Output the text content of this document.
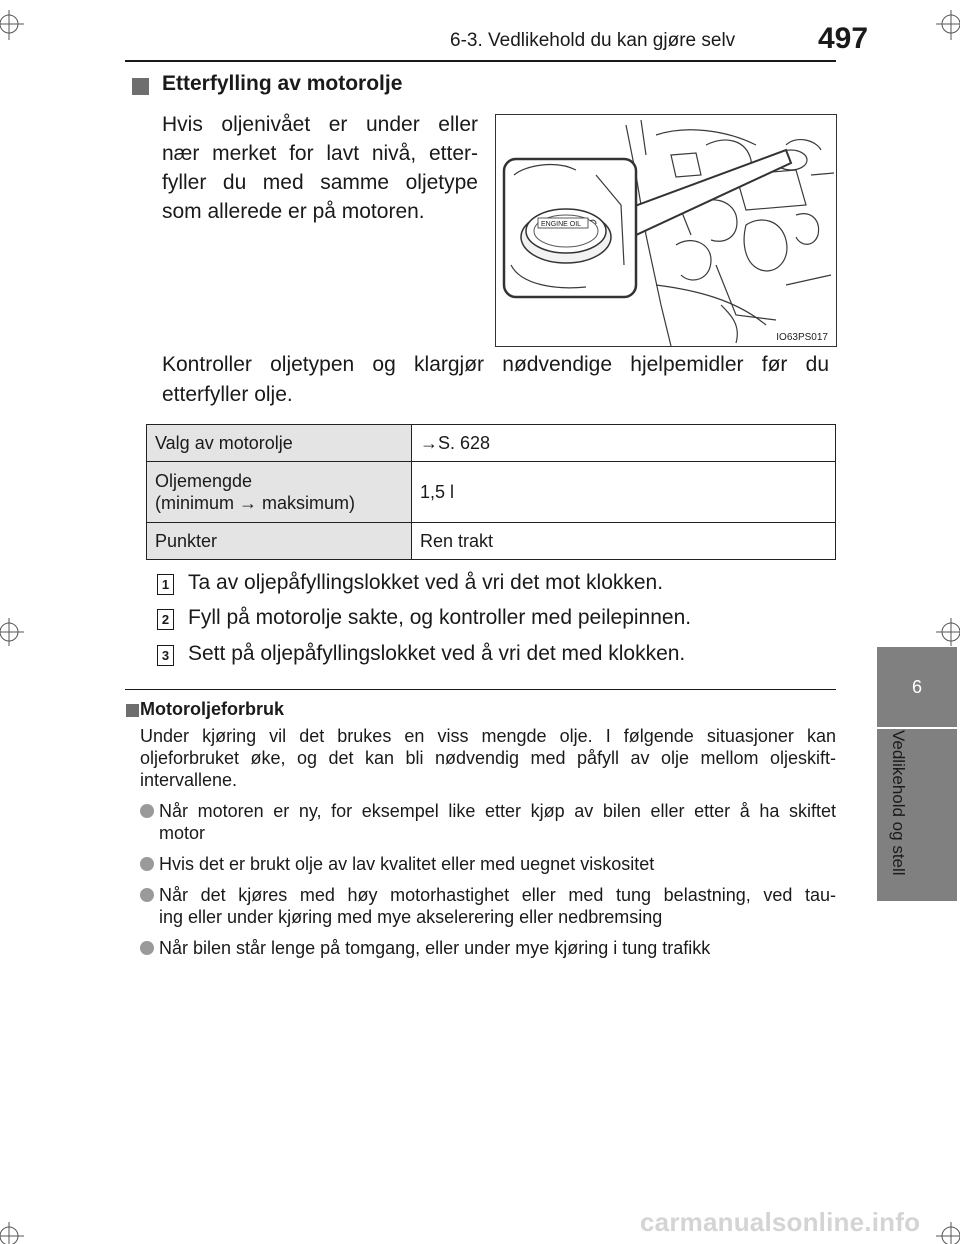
6-3. Vedlikehold du kan gjøre selv	497
6
Vedlikehold og stell
Etterfylling av motorolje
Hvis oljenivået er under eller
nær merket for lavt nivå, etter-
fyller du med samme oljetype
som allerede er på motoren.
ENGINE OIL
IO63PS017
Kontroller oljetypen og klargjør nødvendige hjelpemidler før du
etterfyller olje.
Valg av motorolje	→S. 628

Oljemengde
(minimum → maksimum)	1,5 l
Punkter	Ren trakt
1 Ta av oljepåfyllingslokket ved å vri det mot klokken.
2 Fyll på motorolje sakte, og kontroller med peilepinnen.
3 Sett på oljepåfyllingslokket ved å vri det med klokken.
Motoroljeforbruk
Under kjøring vil det brukes en viss mengde olje. I følgende situasjoner kan
oljeforbruket øke, og det kan bli nødvendig med påfyll av olje mellom oljeskift-
intervallene.
Når motoren er ny, for eksempel like etter kjøp av bilen eller etter å ha skiftet
motor
Hvis det er brukt olje av lav kvalitet eller med uegnet viskositet
Når det kjøres med høy motorhastighet eller med tung belastning, ved tau-
ing eller under kjøring med mye akselerering eller nedbremsing
Når bilen står lenge på tomgang, eller under mye kjøring i tung trafikk
carmanualsonline.info
